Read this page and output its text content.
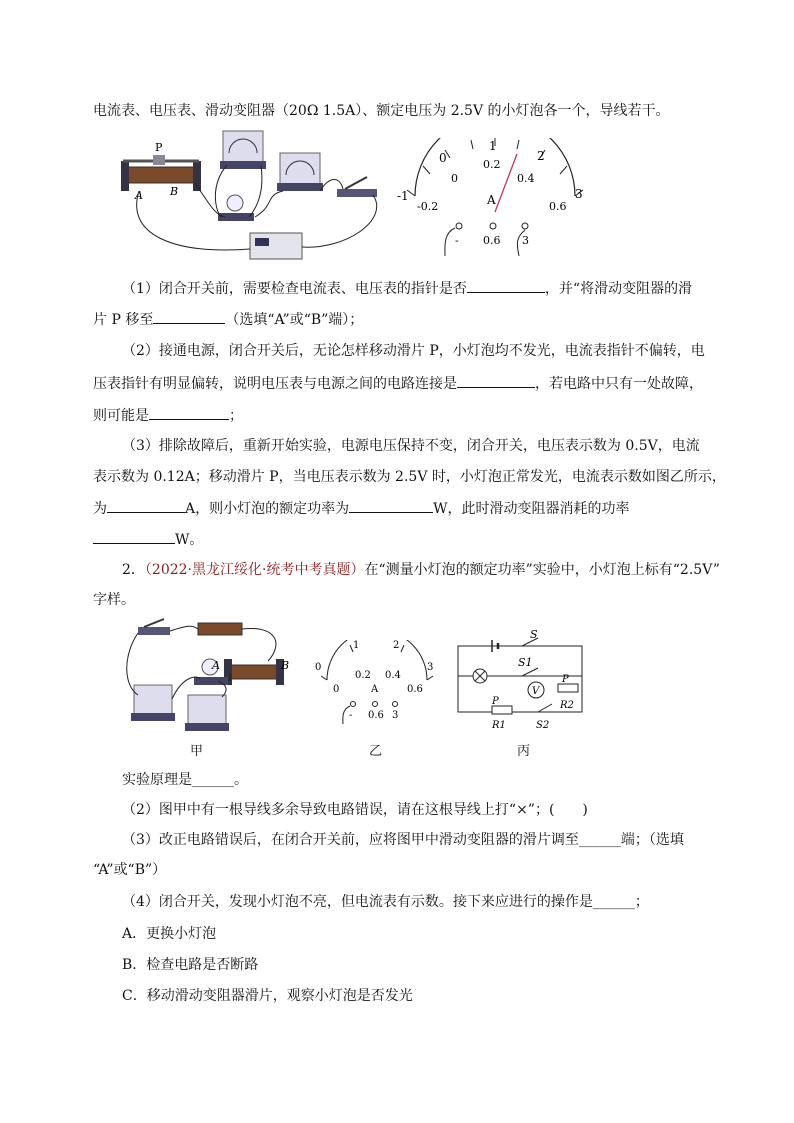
电流表、电压表、滑动变阻器（20Ω 1.5A）、额定电压为 2.5V 的小灯泡各一个，导线若干。
P
A B	-1
0
1
2
3
-0.2
0
0.2
0.4
0.6
A
- 0.6 3
（1）闭合开关前，需要检查电流表、电压表的指针是否	，并“将滑动变阻器的滑
片 P 移至	（选填“A”或“B”端）；
（2）接通电源，闭合开关后，无论怎样移动滑片 P，小灯泡均不发光，电流表指针不偏转，电
压表指针有明显偏转，说明电压表与电源之间的电路连接是	，若电路中只有一处故障，
则可能是	；
（3）排除故障后，重新开始实验，电源电压保持不变，闭合开关，电压表示数为 0.5V，电流
表示数为 0.12A；移动滑片 P，当电压表示数为 2.5V 时，小灯泡正常发光，电流表示数如图乙所示，
为	A，则小灯泡的额定功率为	W，此时滑动变阻器消耗的功率
W。
2．（2022·黑龙江绥化·统考中考真题）在“测量小灯泡的额定功率”实验中，小灯泡上标有“2.5V”
字样。
A	B
甲
0
1	2
3
0
0.2 0.4
0.6
A
- 0.6 3
乙
S
S1
V
P
P
R1
R2
S2
丙
实验原理是______。
（2）图甲中有一根导线多余导致电路错误，请在这根导线上打“×”；(　　)
（3）改正电路错误后，在闭合开关前，应将图甲中滑动变阻器的滑片调至______端；（选填
“A”或“B”）
（4）闭合开关，发现小灯泡不亮，但电流表有示数。接下来应进行的操作是______；
A．更换小灯泡
B．检查电路是否断路
C．移动滑动变阻器滑片，观察小灯泡是否发光
